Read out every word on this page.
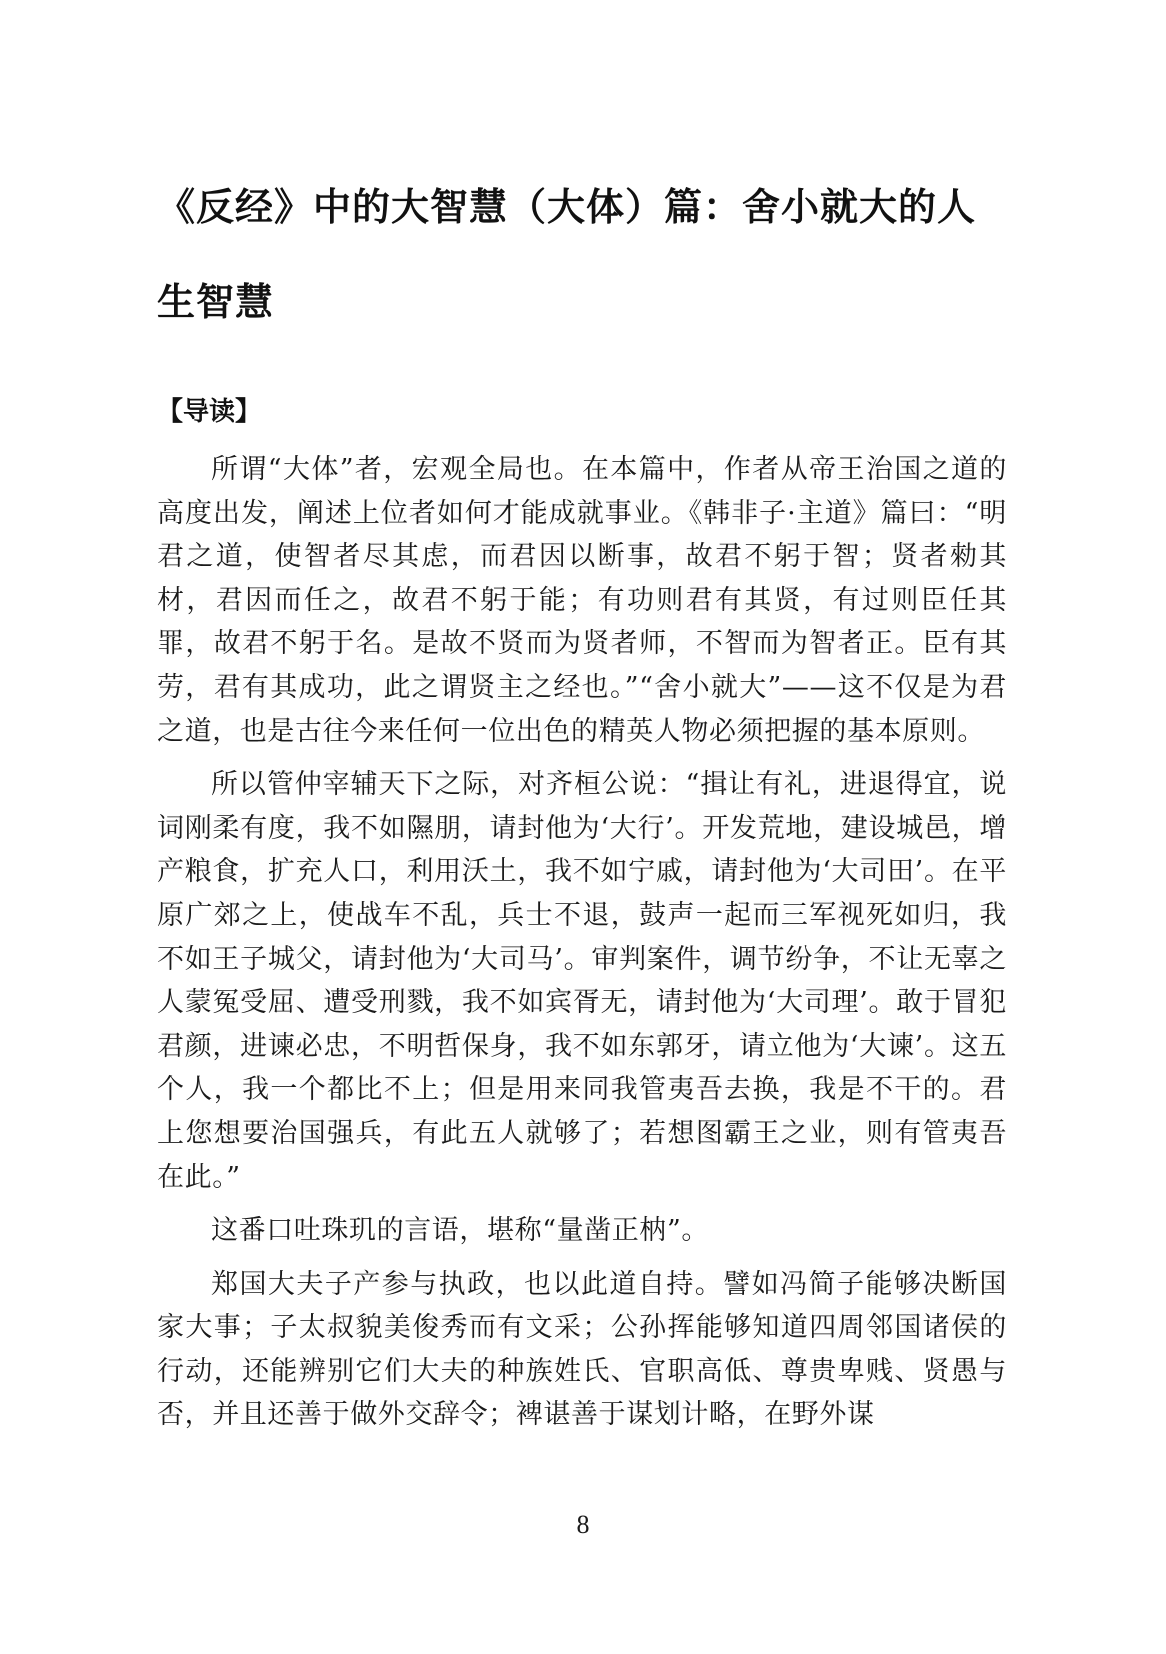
《反经》中的大智慧（大体）篇：舍小就大的人生智慧
【导读】

所谓“大体”者，宏观全局也。在本篇中，作者从帝王治国之道的高度出发，阐述上位者如何才能成就事业。《韩非子·主道》篇曰：“明君之道，使智者尽其虑，而君因以断事，故君不躬于智；贤者勑其材，君因而任之，故君不躬于能；有功则君有其贤，有过则臣任其罪，故君不躬于名。是故不贤而为贤者师，不智而为智者正。臣有其劳，君有其成功，此之谓贤主之经也。”“舍小就大”——这不仅是为君之道，也是古往今来任何一位出色的精英人物必须把握的基本原则。

所以管仲宰辅天下之际，对齐桓公说：“揖让有礼，进退得宜，说词刚柔有度，我不如隰朋，请封他为‘大行’。开发荒地，建设城邑，增产粮食，扩充人口，利用沃土，我不如宁戚，请封他为‘大司田’。在平原广郊之上，使战车不乱，兵士不退，鼓声一起而三军视死如归，我不如王子城父，请封他为‘大司马’。审判案件，调节纷争，不让无辜之人蒙冤受屈、遭受刑戮，我不如宾胥无，请封他为‘大司理’。敢于冒犯君颜，进谏必忠，不明哲保身，我不如东郭牙，请立他为‘大谏’。这五个人，我一个都比不上；但是用来同我管夷吾去换，我是不干的。君上您想要治国强兵，有此五人就够了；若想图霸王之业，则有管夷吾在此。”

这番口吐珠玑的言语，堪称“量凿正枘”。

郑国大夫子产参与执政，也以此道自持。譬如冯简子能够决断国家大事；子太叔貌美俊秀而有文采；公孙挥能够知道四周邻国诸侯的行动，还能辨别它们大夫的种族姓氏、官职高低、尊贵卑贱、贤愚与否，并且还善于做外交辞令；裨谌善于谋划计略，在野外谋

8
